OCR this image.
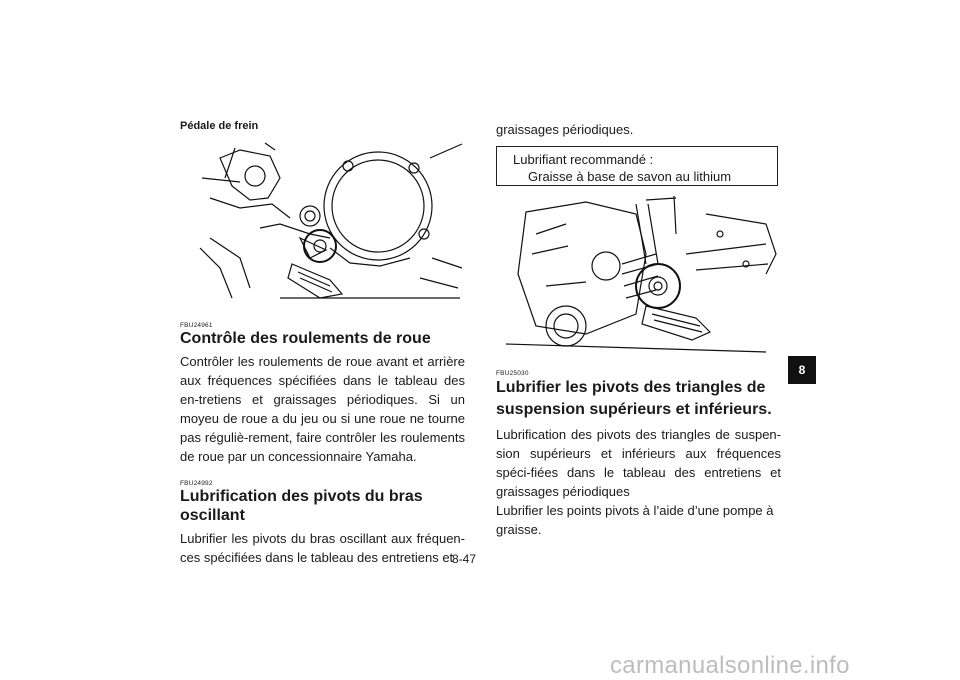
Pédale de frein
FBU24961
Contrôle des roulements de roue

Contrôler les roulements de roue avant et arrière aux fréquences spécifiées dans le tableau des en-tretiens et graissages périodiques. Si un moyeu de roue a du jeu ou si une roue ne tourne pas réguliè-rement, faire contrôler les roulements de roue par un concessionnaire Yamaha.

FBU24992
Lubrification des pivots du bras oscillant

Lubrifier les pivots du bras oscillant aux fréquen-ces spécifiées dans le tableau des entretiens et

graissages périodiques.

Lubrifiant recommandé :
Graisse à base de savon au lithium
FBU25030
Lubrifier les pivots des triangles de suspension supérieurs et inférieurs.

Lubrification des pivots des triangles de suspen-sion supérieurs et inférieurs aux fréquences spéci-fiées dans le tableau des entretiens et graissages périodiques

Lubrifier les points pivots à l’aide d’une pompe à graisse.

8
8-47
carmanualsonline.info
